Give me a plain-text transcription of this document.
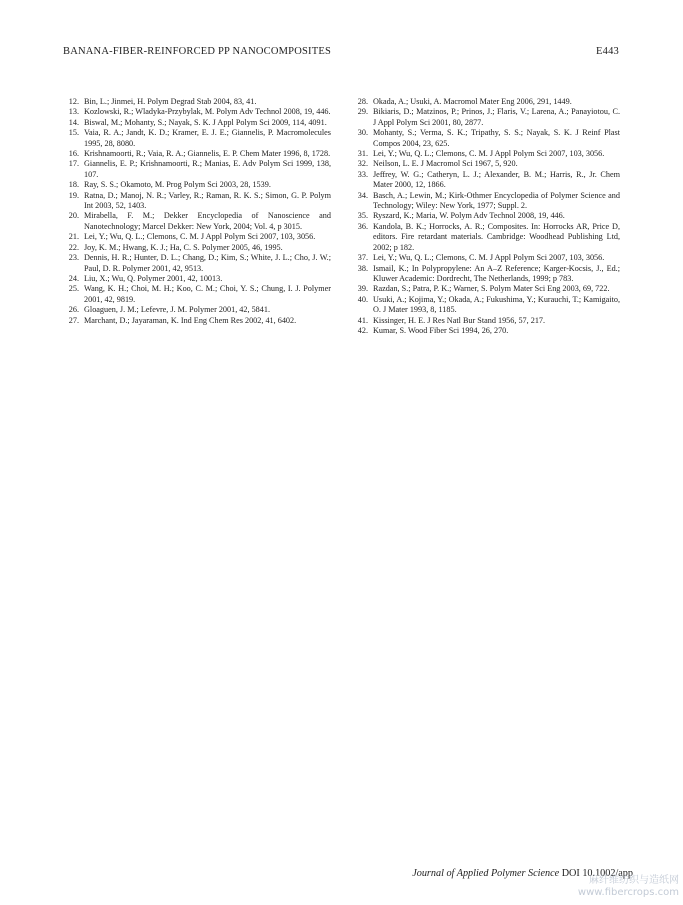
BANANA-FIBER-REINFORCED PP NANOCOMPOSITES	E443
12. Bin, L.; Jinmei, H. Polym Degrad Stab 2004, 83, 41.
13. Kozlowski, R.; Wladyka-Przybylak, M. Polym Adv Technol 2008, 19, 446.
14. Biswal, M.; Mohanty, S.; Nayak, S. K. J Appl Polym Sci 2009, 114, 4091.
15. Vaia, R. A.; Jandt, K. D.; Kramer, E. J. E.; Giannelis, P. Macromolecules 1995, 28, 8080.
16. Krishnamoorti, R.; Vaia, R. A.; Giannelis, E. P. Chem Mater 1996, 8, 1728.
17. Giannelis, E. P.; Krishnamoorti, R.; Manias, E. Adv Polym Sci 1999, 138, 107.
18. Ray, S. S.; Okamoto, M. Prog Polym Sci 2003, 28, 1539.
19. Ratna, D.; Manoj, N. R.; Varley, R.; Raman, R. K. S.; Simon, G. P. Polym Int 2003, 52, 1403.
20. Mirabella, F. M.; Dekker Encyclopedia of Nanoscience and Nanotechnology; Marcel Dekker: New York, 2004; Vol. 4, p 3015.
21. Lei, Y.; Wu, Q. L.; Clemons, C. M. J Appl Polym Sci 2007, 103, 3056.
22. Joy, K. M.; Hwang, K. J.; Ha, C. S. Polymer 2005, 46, 1995.
23. Dennis, H. R.; Hunter, D. L.; Chang, D.; Kim, S.; White, J. L.; Cho, J. W.; Paul, D. R. Polymer 2001, 42, 9513.
24. Liu, X.; Wu, Q. Polymer 2001, 42, 10013.
25. Wang, K. H.; Choi, M. H.; Koo, C. M.; Choi, Y. S.; Chung, I. J. Polymer 2001, 42, 9819.
26. Gloaguen, J. M.; Lefevre, J. M. Polymer 2001, 42, 5841.
27. Marchant, D.; Jayaraman, K. Ind Eng Chem Res 2002, 41, 6402.
28. Okada, A.; Usuki, A. Macromol Mater Eng 2006, 291, 1449.
29. Bikiaris, D.; Matzinos, P.; Prinos, J.; Flaris, V.; Larena, A.; Panayiotou, C. J Appl Polym Sci 2001, 80, 2877.
30. Mohanty, S.; Verma, S. K.; Tripathy, S. S.; Nayak, S. K. J Reinf Plast Compos 2004, 23, 625.
31. Lei, Y.; Wu, Q. L.; Clemons, C. M. J Appl Polym Sci 2007, 103, 3056.
32. Neilson, L. E. J Macromol Sci 1967, 5, 920.
33. Jeffrey, W. G.; Catheryn, L. J.; Alexander, B. M.; Harris, R., Jr. Chem Mater 2000, 12, 1866.
34. Basch, A.; Lewin, M.; Kirk-Othmer Encyclopedia of Polymer Science and Technology; Wiley: New York, 1977; Suppl. 2.
35. Ryszard, K.; Maria, W. Polym Adv Technol 2008, 19, 446.
36. Kandola, B. K.; Horrocks, A. R.; Composites. In: Horrocks AR, Price D, editors. Fire retardant materials. Cambridge: Woodhead Publishing Ltd, 2002; p 182.
37. Lei, Y.; Wu, Q. L.; Clemons, C. M. J Appl Polym Sci 2007, 103, 3056.
38. Ismail, K.; In Polypropylene: An A–Z Reference; Karger-Kocsis, J., Ed.; Kluwer Academic: Dordrecht, The Netherlands, 1999; p 783.
39. Razdan, S.; Patra, P. K.; Warner, S. Polym Mater Sci Eng 2003, 69, 722.
40. Usuki, A.; Kojima, Y.; Okada, A.; Fukushima, Y.; Kurauchi, T.; Kamigaito, O. J Mater 1993, 8, 1185.
41. Kissinger, H. E. J Res Natl Bur Stand 1956, 57, 217.
42. Kumar, S. Wood Fiber Sci 1994, 26, 270.
Journal of Applied Polymer Science DOI 10.1002/app
麻纤维纺织与造纸网
www.fibercrops.com
